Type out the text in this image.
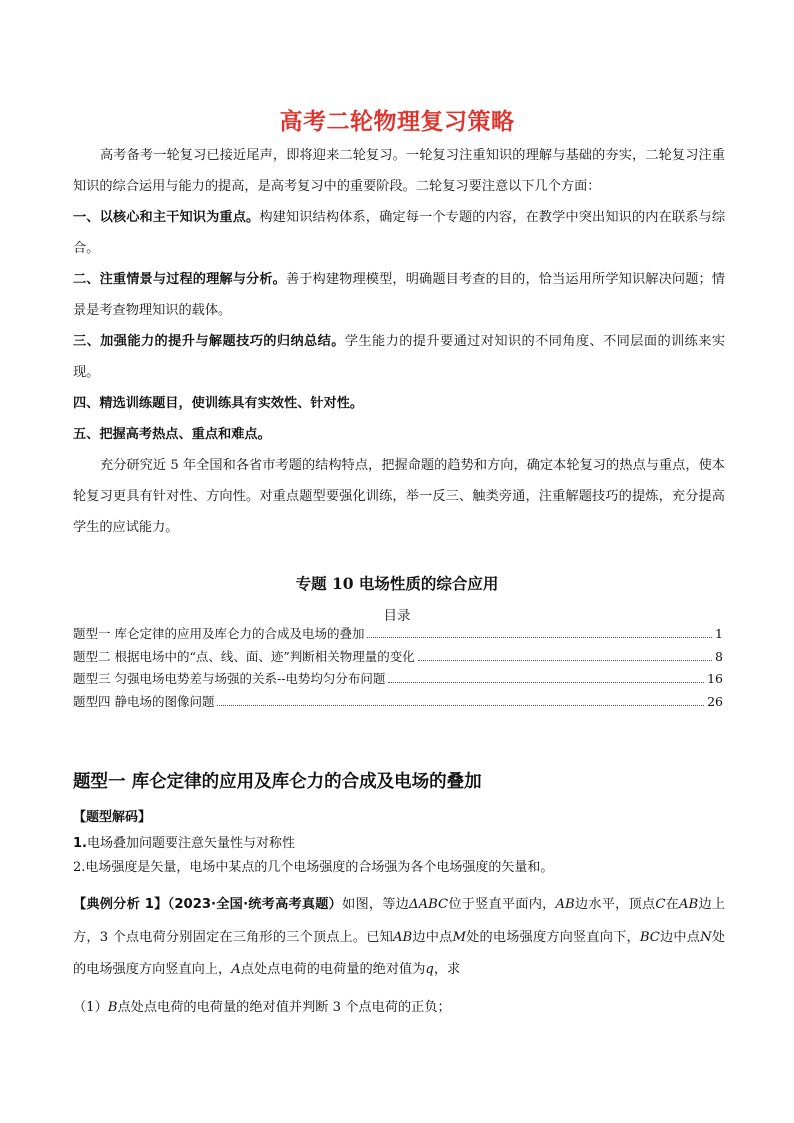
高考二轮物理复习策略

高考备考一轮复习已接近尾声，即将迎来二轮复习。一轮复习注重知识的理解与基础的夯实，二轮复习注重知识的综合运用与能力的提高，是高考复习中的重要阶段。二轮复习要注意以下几个方面：

一、以核心和主干知识为重点。构建知识结构体系，确定每一个专题的内容，在教学中突出知识的内在联系与综合。

二、注重情景与过程的理解与分析。善于构建物理模型，明确题目考查的目的，恰当运用所学知识解决问题；情景是考查物理知识的载体。

三、加强能力的提升与解题技巧的归纳总结。学生能力的提升要通过对知识的不同角度、不同层面的训练来实现。

四、精选训练题目，使训练具有实效性、针对性。

五、把握高考热点、重点和难点。

充分研究近 5 年全国和各省市考题的结构特点，把握命题的趋势和方向，确定本轮复习的热点与重点，使本轮复习更具有针对性、方向性。对重点题型要强化训练，举一反三、触类旁通，注重解题技巧的提炼，充分提高学生的应试能力。

专题 10 电场性质的综合应用
目录
题型一 库仑定律的应用及库仑力的合成及电场的叠加	1
题型二 根据电场中的“点、线、面、迹”判断相关物理量的变化	8
题型三 匀强电场电势差与场强的关系--电势均匀分布问题	16
题型四 静电场的图像问题	26
题型一 库仑定律的应用及库仑力的合成及电场的叠加
【题型解码】
1.电场叠加问题要注意矢量性与对称性
2.电场强度是矢量，电场中某点的几个电场强度的合场强为各个电场强度的矢量和。
【典例分析 1】（2023·全国·统考高考真题）如图，等边ΔABC位于竖直平面内，AB边水平，顶点C在AB边上方，3 个点电荷分别固定在三角形的三个顶点上。已知AB边中点M处的电场强度方向竖直向下，BC边中点N处的电场强度方向竖直向上，A点处点电荷的电荷量的绝对值为q，求
（1）B点处点电荷的电荷量的绝对值并判断 3 个点电荷的正负；
